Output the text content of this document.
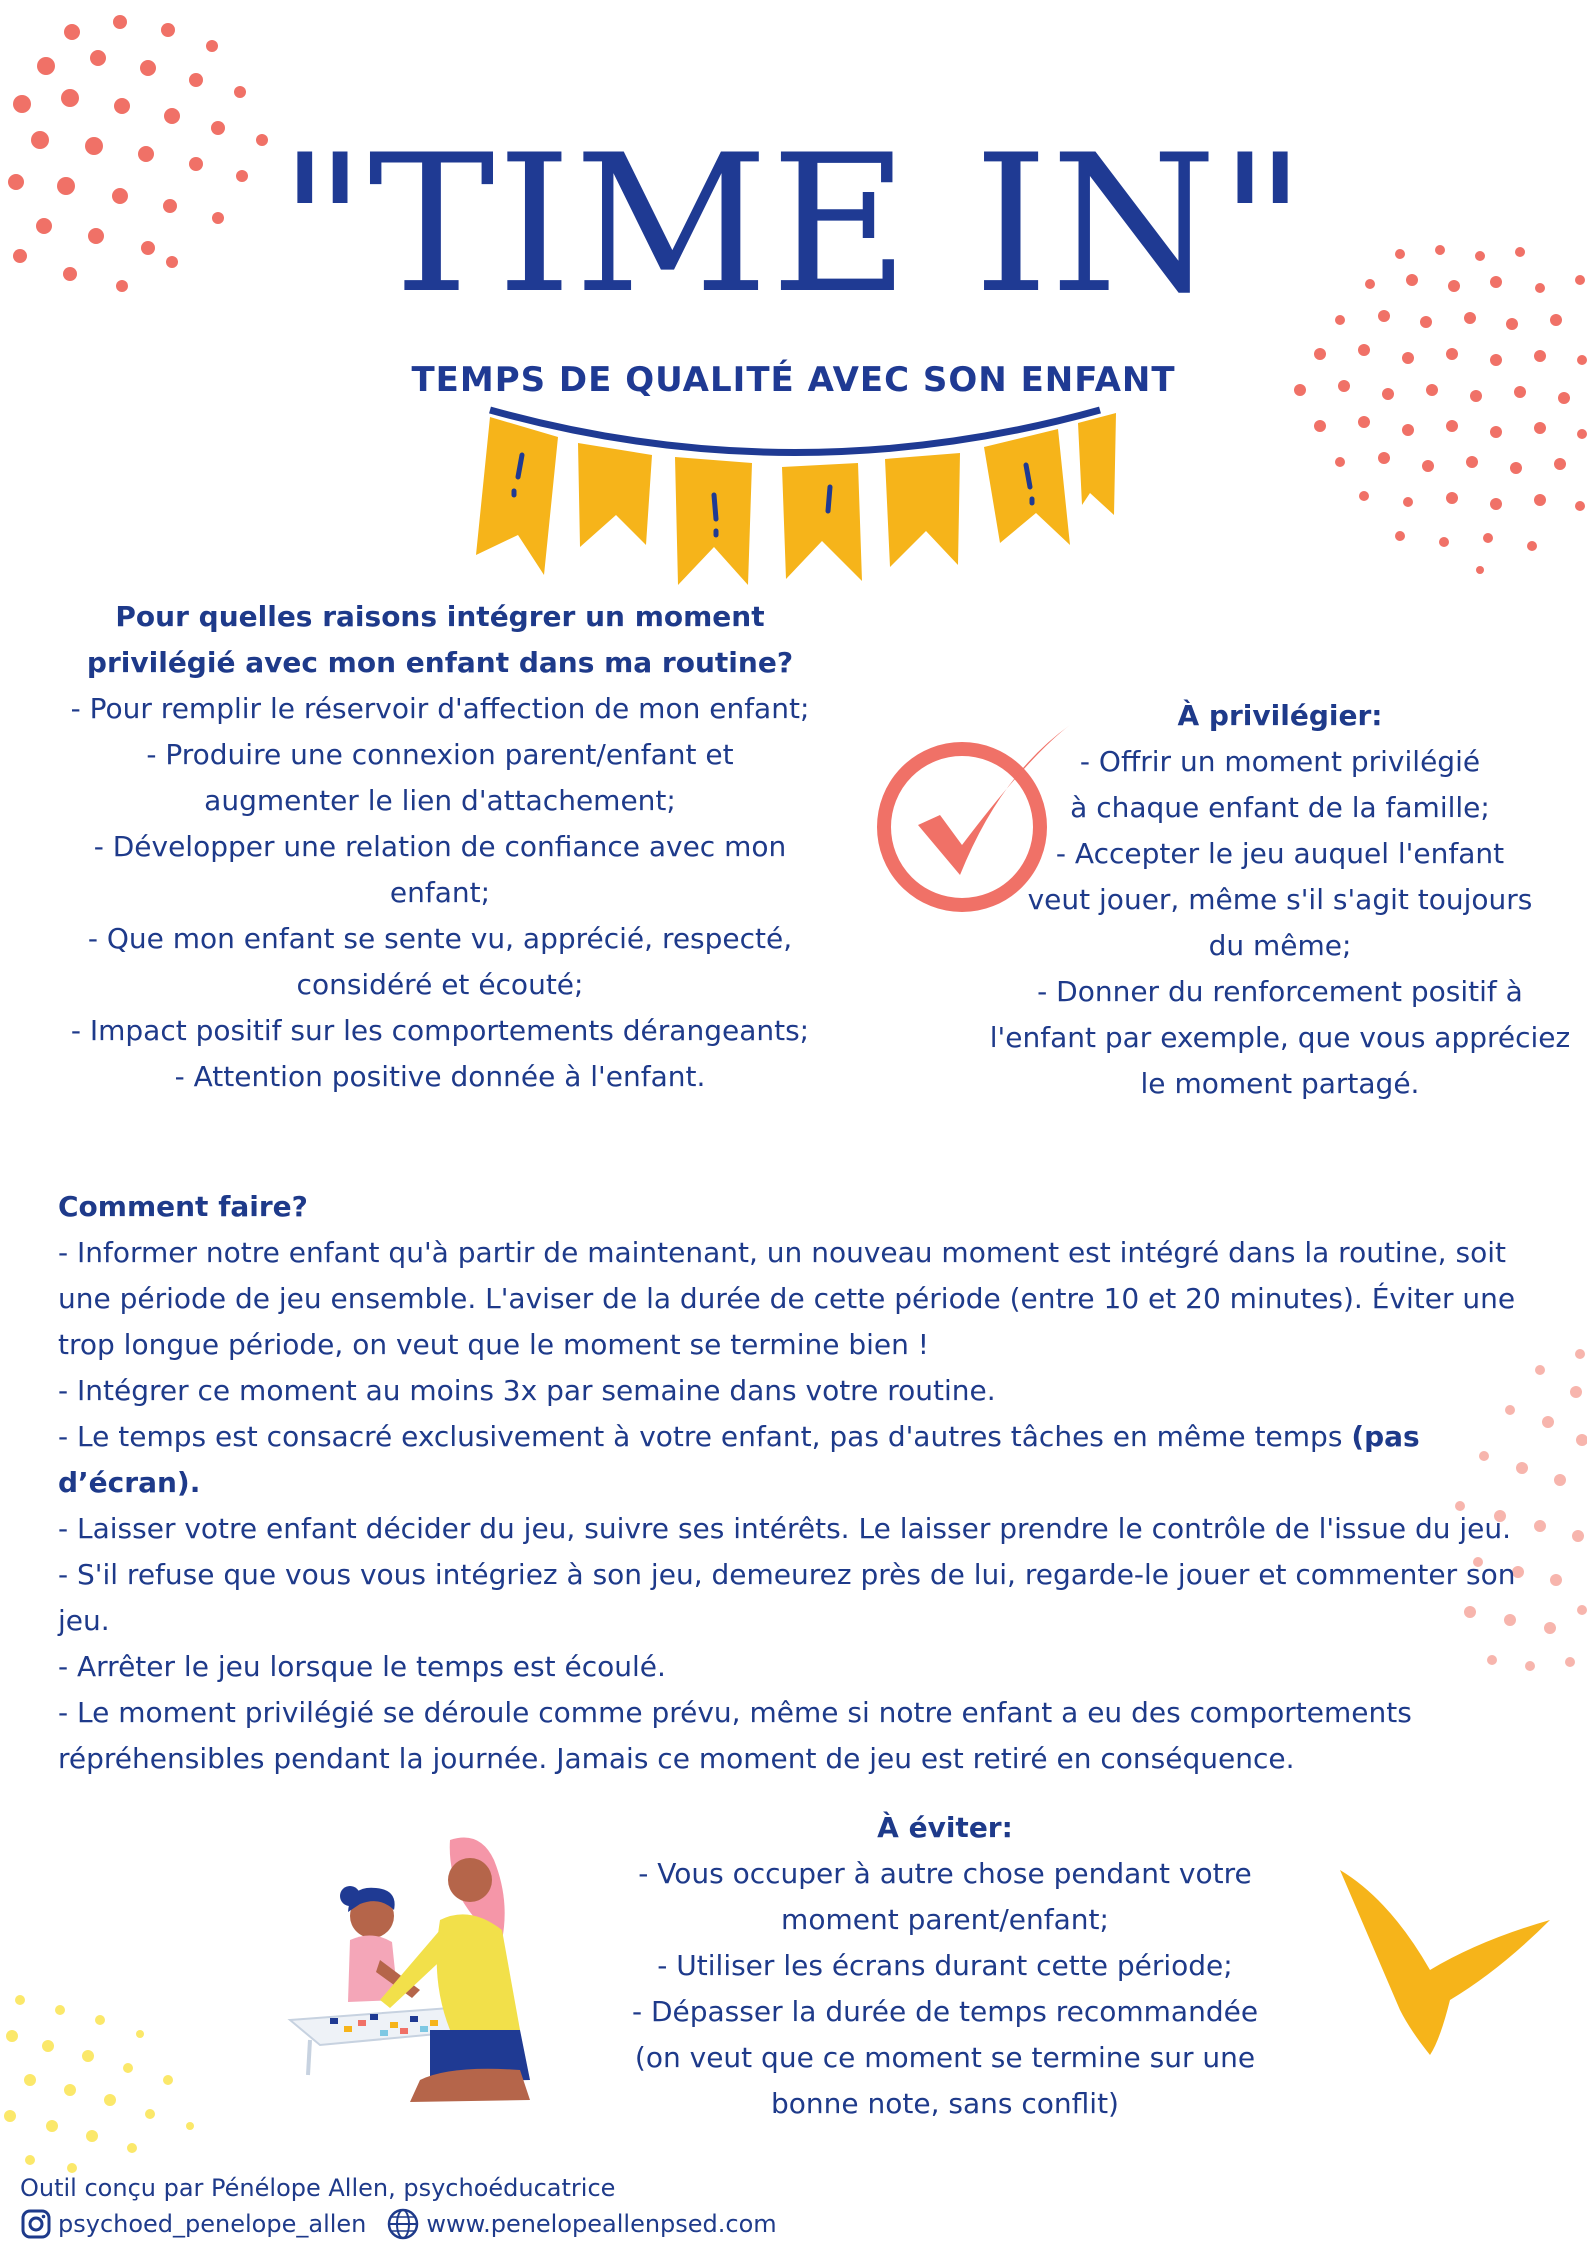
"TIME IN"
TEMPS DE QUALITÉ AVEC SON ENFANT
Pour quelles raisons intégrer un moment
privilégié avec mon enfant dans ma routine?
- Pour remplir le réservoir d'affection de mon enfant;
- Produire une connexion parent/enfant et
augmenter le lien d'attachement;
- Développer une relation de confiance avec mon
enfant;
- Que mon enfant se sente vu, apprécié, respecté,
considéré et écouté;
- Impact positif sur les comportements dérangeants;
- Attention positive donnée à l'enfant.
À privilégier:
- Offrir un moment privilégié
à chaque enfant de la famille;
- Accepter le jeu auquel l'enfant
veut jouer, même s'il s'agit toujours
du même;
- Donner du renforcement positif à
l'enfant par exemple, que vous appréciez
le moment partagé.
Comment faire?
- Informer notre enfant qu'à partir de maintenant, un nouveau moment est intégré dans la routine, soit
une période de jeu ensemble. L'aviser de la durée de cette période (entre 10 et 20 minutes). Éviter une
trop longue période, on veut que le moment se termine bien !
- Intégrer ce moment au moins 3x par semaine dans votre routine.
- Le temps est consacré exclusivement à votre enfant, pas d'autres tâches en même temps (pas
d’écran).
- Laisser votre enfant décider du jeu, suivre ses intérêts. Le laisser prendre le contrôle de l'issue du jeu.
- S'il refuse que vous vous intégriez à son jeu, demeurez près de lui, regarde-le jouer et commenter son
jeu.
- Arrêter le jeu lorsque le temps est écoulé.
- Le moment privilégié se déroule comme prévu, même si notre enfant a eu des comportements
répréhensibles pendant la journée. Jamais ce moment de jeu est retiré en conséquence.
À éviter:
- Vous occuper à autre chose pendant votre
moment parent/enfant;
- Utiliser les écrans durant cette période;
- Dépasser la durée de temps recommandée
(on veut que ce moment se termine sur une
bonne note, sans conflit)
Outil conçu par Pénélope Allen, psychoéducatrice
psychoed_penelope_allen	www.penelopeallenpsed.com
